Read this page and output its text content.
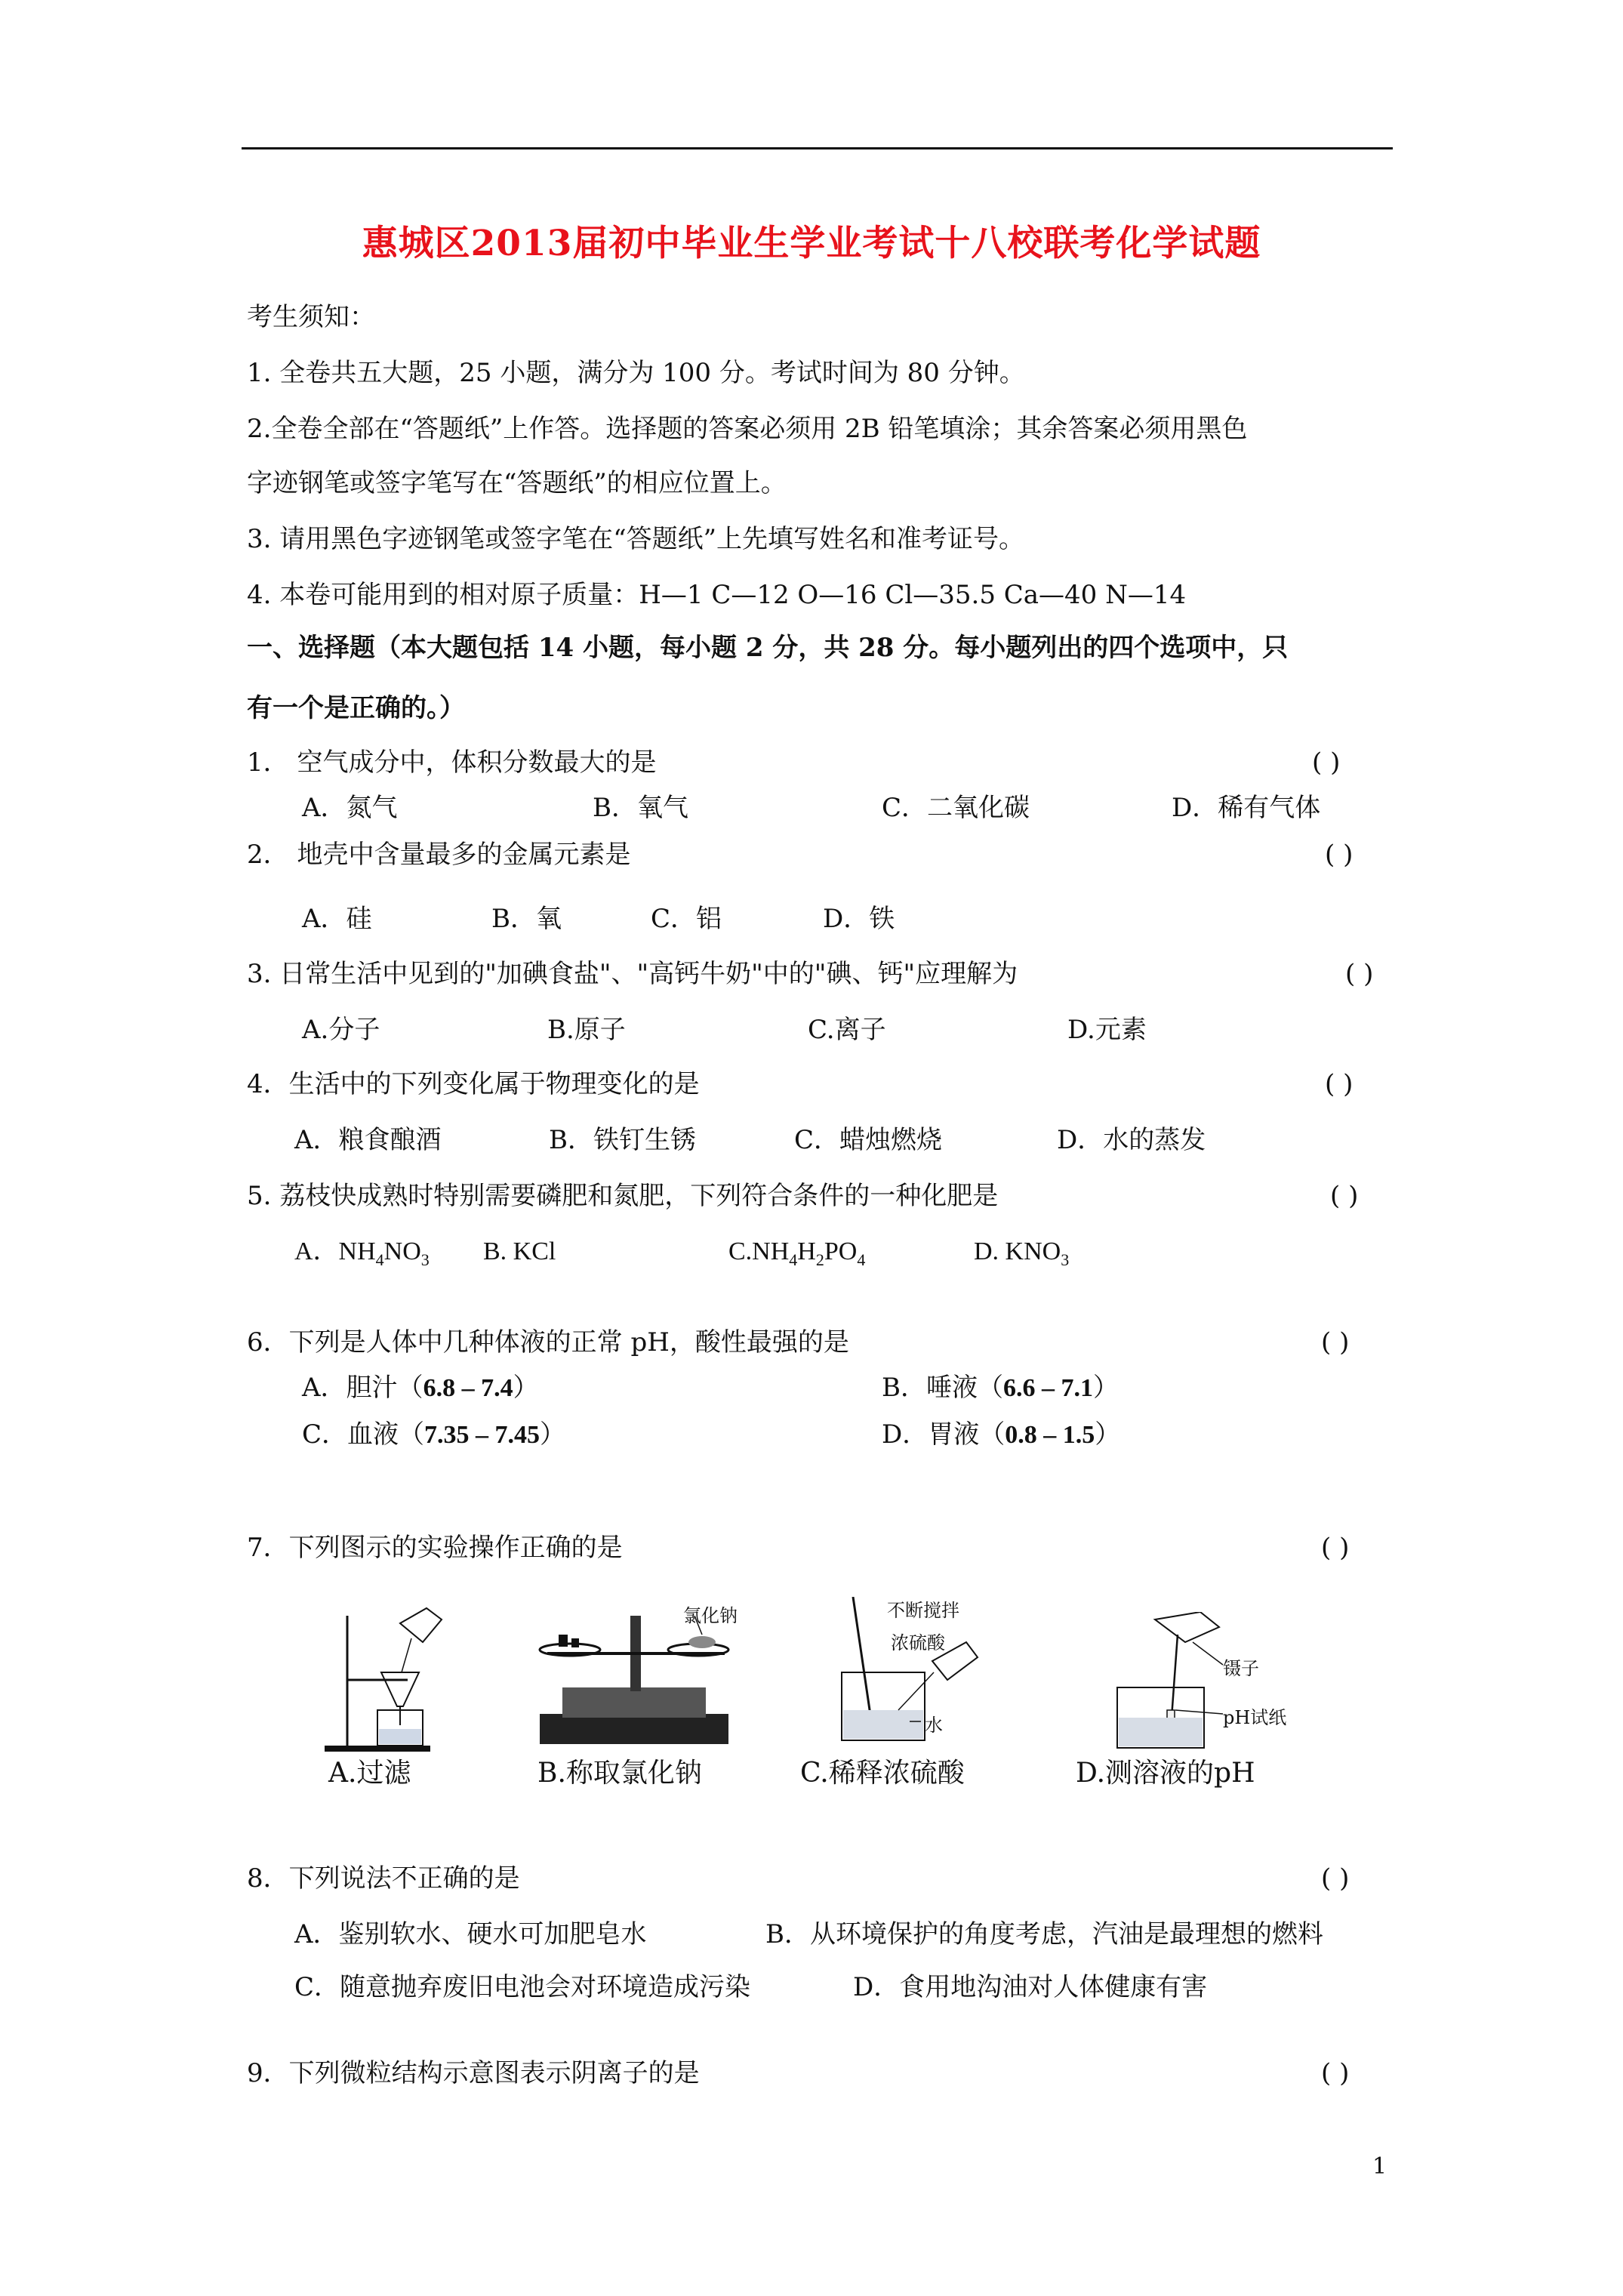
惠城区2013届初中毕业生学业考试十八校联考化学试题
考生须知：
1. 全卷共五大题，25 小题，满分为 100 分。考试时间为 80 分钟。
2.全卷全部在“答题纸”上作答。选择题的答案必须用 2B 铅笔填涂；其余答案必须用黑色
字迹钢笔或签字笔写在“答题纸”的相应位置上。
3. 请用黑色字迹钢笔或签字笔在“答题纸”上先填写姓名和准考证号。
4. 本卷可能用到的相对原子质量：H—1 C—12 O—16 Cl—35.5 Ca—40 N—14
一、选择题（本大题包括 14 小题，每小题 2 分，共 28 分。每小题列出的四个选项中，只
有一个是正确的。）
1． 空气成分中，体积分数最大的是	( )
A．氮气	B．氧气	C．二氧化碳	D．稀有气体
2． 地壳中含量最多的金属元素是	( )
A．硅	B．氧	C．铝	D．铁
3. 日常生活中见到的"加碘食盐"、"高钙牛奶"中的"碘、钙"应理解为	( )
A.分子	B.原子	C.离子	D.元素
4．生活中的下列变化属于物理变化的是	( )
A．粮食酿酒	B．铁钉生锈	C．蜡烛燃烧	D．水的蒸发
5. 荔枝快成熟时特别需要磷肥和氮肥，下列符合条件的一种化肥是	( )
A．$NH_4NO_3$ B. KCl	$C.NH_4H_2PO_4$	D. $KNO_3$
6．下列是人体中几种体液的正常 pH，酸性最强的是	( )
A．胆汁（6.8 – 7.4）	B．唾液（6.6 – 7.1）
C．血液（7.35 – 7.45）	D．胃液（0.8 – 1.5）
7．下列图示的实验操作正确的是	( )
A.过滤
氯化钠
B.称取氯化钠
不断搅拌
浓硫酸
水
C.稀释浓硫酸
镊子
pH试纸
D.测溶液的pH
8．下列说法不正确的是	( )
A．鉴别软水、硬水可加肥皂水	B．从环境保护的角度考虑，汽油是最理想的燃料
C．随意抛弃废旧电池会对环境造成污染	D．食用地沟油对人体健康有害
9．下列微粒结构示意图表示阴离子的是	( )
1
